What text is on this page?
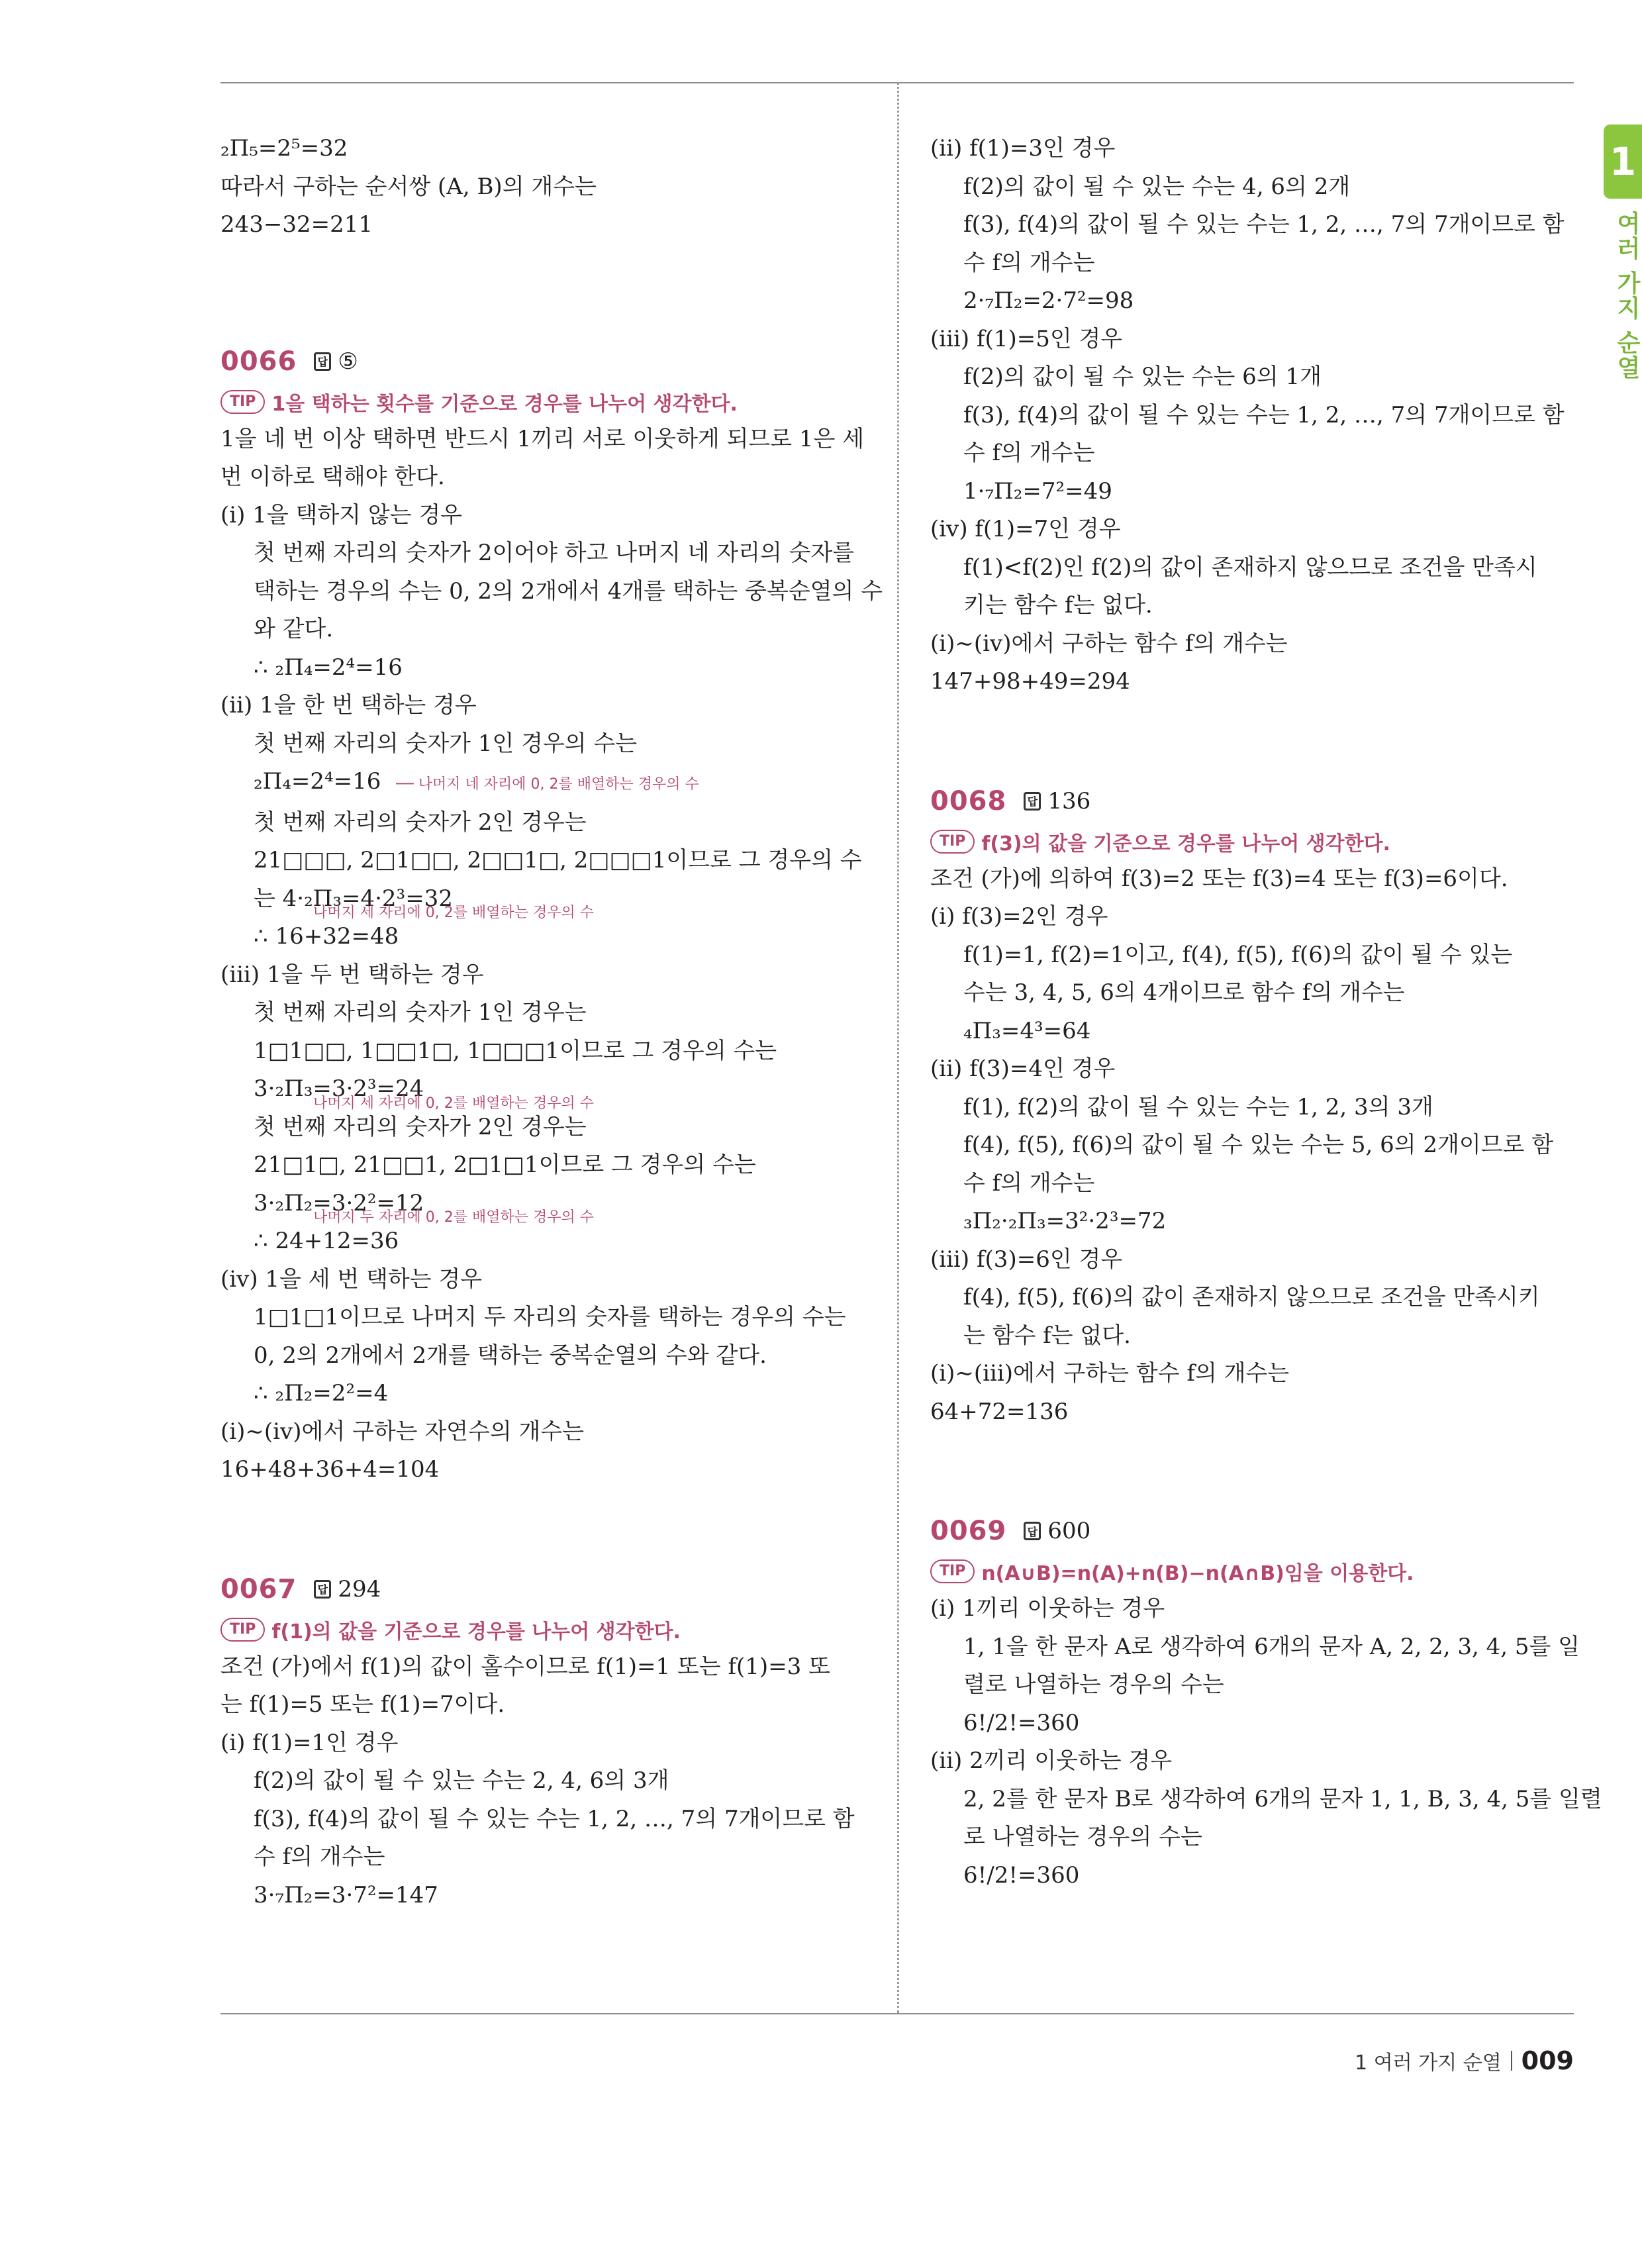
₂Π₅=2⁵=32
따라서 구하는 순서쌍 (A, B)의 개수는
243−32=211
0066	답 ⑤
TIP 1을 택하는 횟수를 기준으로 경우를 나누어 생각한다.
1을 네 번 이상 택하면 반드시 1끼리 서로 이웃하게 되므로 1은 세
번 이하로 택해야 한다.
(ⅰ) 1을 택하지 않는 경우
첫 번째 자리의 숫자가 2이어야 하고 나머지 네 자리의 숫자를
택하는 경우의 수는 0, 2의 2개에서 4개를 택하는 중복순열의 수
와 같다.
∴ ₂Π₄=2⁴=16
(ⅱ) 1을 한 번 택하는 경우
첫 번째 자리의 숫자가 1인 경우의 수는
₂Π₄=2⁴=16 ── 나머지 네 자리에 0, 2를 배열하는 경우의 수
첫 번째 자리의 숫자가 2인 경우는
21□□□, 2□1□□, 2□□1□, 2□□□1이므로 그 경우의 수
는 4·₂Π₃=4·2³=32
나머지 세 자리에 0, 2를 배열하는 경우의 수
∴ 16+32=48
(ⅲ) 1을 두 번 택하는 경우
첫 번째 자리의 숫자가 1인 경우는
1□1□□, 1□□1□, 1□□□1이므로 그 경우의 수는
3·₂Π₃=3·2³=24
나머지 세 자리에 0, 2를 배열하는 경우의 수
첫 번째 자리의 숫자가 2인 경우는
21□1□, 21□□1, 2□1□1이므로 그 경우의 수는
3·₂Π₂=3·2²=12
나머지 두 자리에 0, 2를 배열하는 경우의 수
∴ 24+12=36
(ⅳ) 1을 세 번 택하는 경우
1□1□1이므로 나머지 두 자리의 숫자를 택하는 경우의 수는
0, 2의 2개에서 2개를 택하는 중복순열의 수와 같다.
∴ ₂Π₂=2²=4
(ⅰ)~(ⅳ)에서 구하는 자연수의 개수는
16+48+36+4=104
0067	답 294
TIP f(1)의 값을 기준으로 경우를 나누어 생각한다.
조건 (가)에서 f(1)의 값이 홀수이므로 f(1)=1 또는 f(1)=3 또
는 f(1)=5 또는 f(1)=7이다.
(ⅰ) f(1)=1인 경우
f(2)의 값이 될 수 있는 수는 2, 4, 6의 3개
f(3), f(4)의 값이 될 수 있는 수는 1, 2, …, 7의 7개이므로 함
수 f의 개수는
3·₇Π₂=3·7²=147
(ⅱ) f(1)=3인 경우
f(2)의 값이 될 수 있는 수는 4, 6의 2개
f(3), f(4)의 값이 될 수 있는 수는 1, 2, …, 7의 7개이므로 함
수 f의 개수는
2·₇Π₂=2·7²=98
(ⅲ) f(1)=5인 경우
f(2)의 값이 될 수 있는 수는 6의 1개
f(3), f(4)의 값이 될 수 있는 수는 1, 2, …, 7의 7개이므로 함
수 f의 개수는
1·₇Π₂=7²=49
(ⅳ) f(1)=7인 경우
f(1)<f(2)인 f(2)의 값이 존재하지 않으므로 조건을 만족시
키는 함수 f는 없다.
(ⅰ)~(ⅳ)에서 구하는 함수 f의 개수는
147+98+49=294
0068	답 136
TIP f(3)의 값을 기준으로 경우를 나누어 생각한다.
조건 (가)에 의하여 f(3)=2 또는 f(3)=4 또는 f(3)=6이다.
(ⅰ) f(3)=2인 경우
f(1)=1, f(2)=1이고, f(4), f(5), f(6)의 값이 될 수 있는
수는 3, 4, 5, 6의 4개이므로 함수 f의 개수는
₄Π₃=4³=64
(ⅱ) f(3)=4인 경우
f(1), f(2)의 값이 될 수 있는 수는 1, 2, 3의 3개
f(4), f(5), f(6)의 값이 될 수 있는 수는 5, 6의 2개이므로 함
수 f의 개수는
₃Π₂·₂Π₃=3²·2³=72
(ⅲ) f(3)=6인 경우
f(4), f(5), f(6)의 값이 존재하지 않으므로 조건을 만족시키
는 함수 f는 없다.
(ⅰ)~(ⅲ)에서 구하는 함수 f의 개수는
64+72=136
0069	답 600
TIP n(A∪B)=n(A)+n(B)−n(A∩B)임을 이용한다.
(ⅰ) 1끼리 이웃하는 경우
1, 1을 한 문자 A로 생각하여 6개의 문자 A, 2, 2, 3, 4, 5를 일
렬로 나열하는 경우의 수는
6!/2!=360
(ⅱ) 2끼리 이웃하는 경우
2, 2를 한 문자 B로 생각하여 6개의 문자 1, 1, B, 3, 4, 5를 일렬
로 나열하는 경우의 수는
6!/2!=360
1
여
러
가
지
순
열
1 여러 가지 순열 009
